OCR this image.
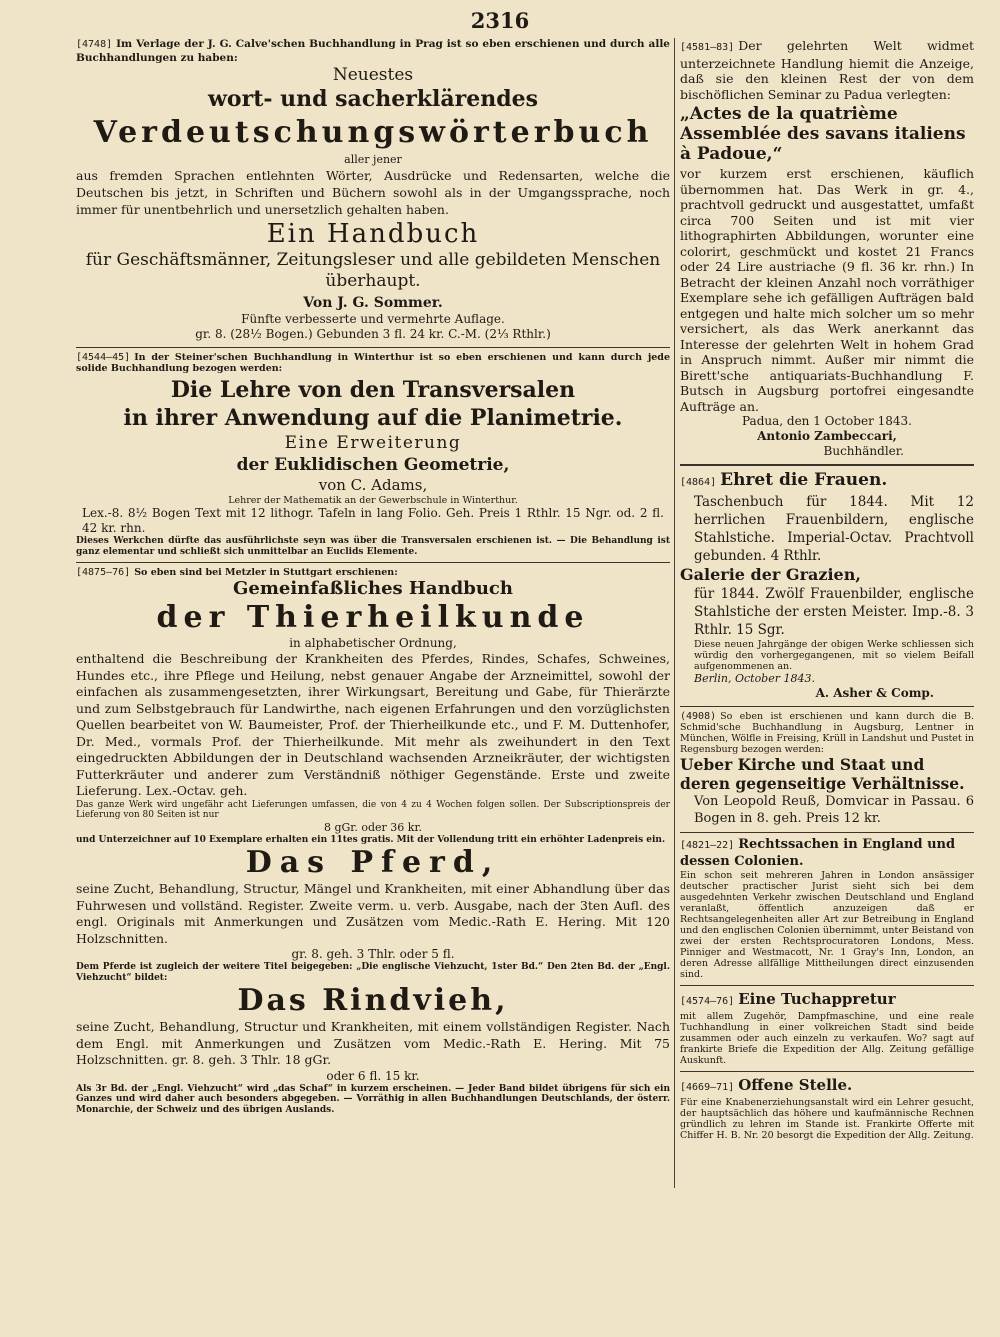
2316

[4748] Im Verlage der J. G. Calve'schen Buchhandlung in Prag ist so eben erschienen und durch alle Buchhandlungen zu haben:

Neuestes

wort- und sacherklärendes

Verdeutschungswörterbuch

aller jener

aus fremden Sprachen entlehnten Wörter, Ausdrücke und Redensarten, welche die Deutschen bis jetzt, in Schriften und Büchern sowohl als in der Umgangssprache, noch immer für unentbehrlich und unersetzlich gehalten haben.

Ein Handbuch

für Geschäftsmänner, Zeitungsleser und alle gebildeten Menschen überhaupt.

Von J. G. Sommer.

Fünfte verbesserte und vermehrte Auflage.

gr. 8. (28½ Bogen.) Gebunden 3 fl. 24 kr. C.-M. (2⅓ Rthlr.)

[4544—45] In der Steiner'schen Buchhandlung in Winterthur ist so eben erschienen und kann durch jede solide Buchhandlung bezogen werden:

Die Lehre von den Transversalen

in ihrer Anwendung auf die Planimetrie.

Eine Erweiterung

der Euklidischen Geometrie,

von C. Adams,

Lehrer der Mathematik an der Gewerbschule in Winterthur.

Lex.-8. 8½ Bogen Text mit 12 lithogr. Tafeln in lang Folio. Geh. Preis 1 Rthlr. 15 Ngr. od. 2 fl. 42 kr. rhn.

Dieses Werkchen dürfte das ausführlichste seyn was über die Transversalen erschienen ist. — Die Behandlung ist ganz elementar und schließt sich unmittelbar an Euclids Elemente.

[4875—76] So eben sind bei Metzler in Stuttgart erschienen:

Gemeinfaßliches Handbuch

der Thierheilkunde

in alphabetischer Ordnung,

enthaltend die Beschreibung der Krankheiten des Pferdes, Rindes, Schafes, Schweines, Hundes etc., ihre Pflege und Heilung, nebst genauer Angabe der Arzneimittel, sowohl der einfachen als zusammengesetzten, ihrer Wirkungsart, Bereitung und Gabe, für Thierärzte und zum Selbstgebrauch für Landwirthe, nach eigenen Erfahrungen und den vorzüglichsten Quellen bearbeitet von W. Baumeister, Prof. der Thierheilkunde etc., und F. M. Duttenhofer, Dr. Med., vormals Prof. der Thierheilkunde. Mit mehr als zweihundert in den Text eingedruckten Abbildungen der in Deutschland wachsenden Arzneikräuter, der wichtigsten Futterkräuter und anderer zum Verständniß nöthiger Gegenstände. Erste und zweite Lieferung. Lex.-Octav. geh.

Das ganze Werk wird ungefähr acht Lieferungen umfassen, die von 4 zu 4 Wochen folgen sollen. Der Subscriptionspreis der Lieferung von 80 Seiten ist nur

8 gGr. oder 36 kr.

und Unterzeichner auf 10 Exemplare erhalten ein 11tes gratis. Mit der Vollendung tritt ein erhöhter Ladenpreis ein.

Das Pferd,

seine Zucht, Behandlung, Structur, Mängel und Krankheiten, mit einer Abhandlung über das Fuhrwesen und vollständ. Register. Zweite verm. u. verb. Ausgabe, nach der 3ten Aufl. des engl. Originals mit Anmerkungen und Zusätzen vom Medic.-Rath E. Hering. Mit 120 Holzschnitten.

gr. 8. geh. 3 Thlr. oder 5 fl.

Dem Pferde ist zugleich der weitere Titel beigegeben: „Die englische Viehzucht, 1ster Bd.“ Den 2ten Bd. der „Engl. Viehzucht“ bildet:

Das Rindvieh,

seine Zucht, Behandlung, Structur und Krankheiten, mit einem vollständigen Register. Nach dem Engl. mit Anmerkungen und Zusätzen vom Medic.-Rath E. Hering. Mit 75 Holzschnitten. gr. 8. geh. 3 Thlr. 18 gGr.

oder 6 fl. 15 kr.

Als 3r Bd. der „Engl. Viehzucht“ wird „das Schaf“ in kurzem erscheinen. — Jeder Band bildet übrigens für sich ein Ganzes und wird daher auch besonders abgegeben. — Vorräthig in allen Buchhandlungen Deutschlands, der österr. Monarchie, der Schweiz und des übrigen Auslands.

[4581—83] Der gelehrten Welt widmet unterzeichnete Handlung hiemit die Anzeige, daß sie den kleinen Rest der von dem bischöflichen Seminar zu Padua verlegten:

„Actes de la quatrième Assemblée des savans italiens à Padoue,“

vor kurzem erst erschienen, käuflich übernommen hat. Das Werk in gr. 4., prachtvoll gedruckt und ausgestattet, umfaßt circa 700 Seiten und ist mit vier lithographirten Abbildungen, worunter eine colorirt, geschmückt und kostet 21 Francs oder 24 Lire austriache (9 fl. 36 kr. rhn.) In Betracht der kleinen Anzahl noch vorräthiger Exemplare sehe ich gefälligen Aufträgen bald entgegen und halte mich solcher um so mehr versichert, als das Werk anerkannt das Interesse der gelehrten Welt in hohem Grad in Anspruch nimmt. Außer mir nimmt die Birett'sche antiquariats-Buchhandlung F. Butsch in Augsburg portofrei eingesandte Aufträge an.

Padua, den 1 October 1843.

Antonio Zambeccari,

Buchhändler.

[4864] Ehret die Frauen.

Taschenbuch für 1844. Mit 12 herrlichen Frauenbildern, englische Stahlstiche. Imperial-Octav. Prachtvoll gebunden. 4 Rthlr.

Galerie der Grazien,

für 1844. Zwölf Frauenbilder, englische Stahlstiche der ersten Meister. Imp.-8. 3 Rthlr. 15 Sgr.

Diese neuen Jahrgänge der obigen Werke schliessen sich würdig den vorhergegangenen, mit so vielem Beifall aufgenommenen an.

Berlin, October 1843.

A. Asher & Comp.

(4908) So eben ist erschienen und kann durch die B. Schmid'sche Buchhandlung in Augsburg, Lentner in München, Wölfle in Freising, Krüll in Landshut und Pustet in Regensburg bezogen werden:

Ueber Kirche und Staat und deren gegenseitige Verhältnisse.

Von Leopold Reuß, Domvicar in Passau. 6 Bogen in 8. geh. Preis 12 kr.

[4821—22] Rechtssachen in England und dessen Colonien.

Ein schon seit mehreren Jahren in London ansässiger deutscher practischer Jurist sieht sich bei dem ausgedehnten Verkehr zwischen Deutschland und England veranlaßt, öffentlich anzuzeigen daß er Rechtsangelegenheiten aller Art zur Betreibung in England und den englischen Colonien übernimmt, unter Beistand von zwei der ersten Rechtsprocuratoren Londons, Mess. Pinniger and Westmacott, Nr. 1 Gray's Inn, London, an deren Adresse allfällige Mittheilungen direct einzusenden sind.

[4574—76] Eine Tuchappretur

mit allem Zugehör, Dampfmaschine, und eine reale Tuchhandlung in einer volkreichen Stadt sind beide zusammen oder auch einzeln zu verkaufen. Wo? sagt auf frankirte Briefe die Expedition der Allg. Zeitung gefällige Auskunft.

[4669—71] Offene Stelle.

Für eine Knabenerziehungsanstalt wird ein Lehrer gesucht, der hauptsächlich das höhere und kaufmännische Rechnen gründlich zu lehren im Stande ist. Frankirte Offerte mit Chiffer H. B. Nr. 20 besorgt die Expedition der Allg. Zeitung.
